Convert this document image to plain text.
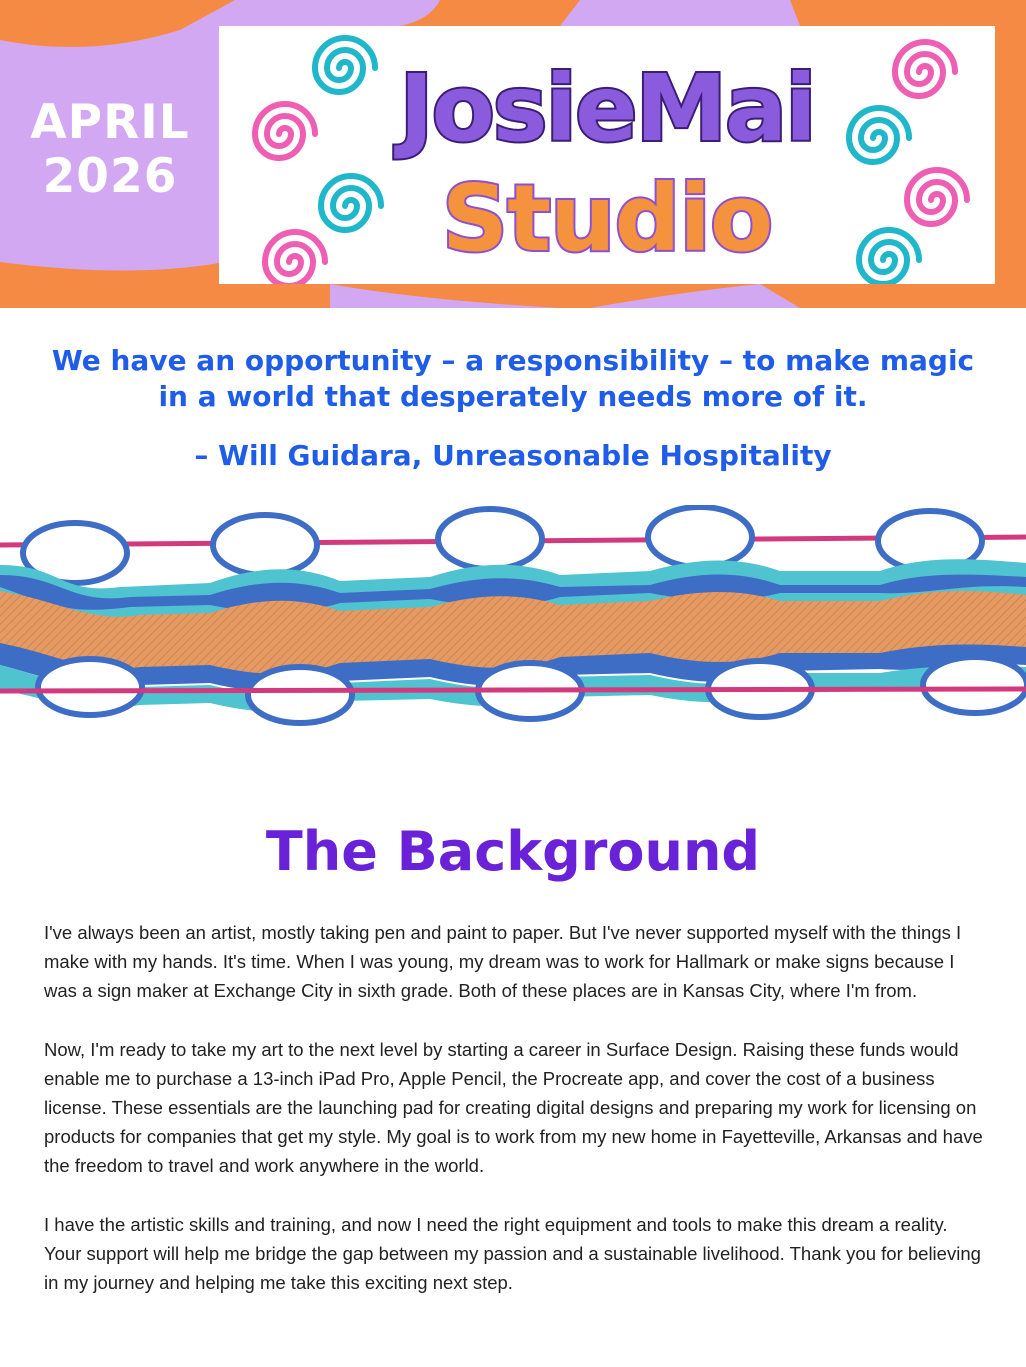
APRIL
2026
JosieMai
Studio
We have an opportunity – a responsibility – to make magic in a world that desperately needs more of it.
– Will Guidara, Unreasonable Hospitality
The Background

I've always been an artist, mostly taking pen and paint to paper. But I've never supported myself with the things I make with my hands. It's time. When I was young, my dream was to work for Hallmark or make signs because I was a sign maker at Exchange City in sixth grade. Both of these places are in Kansas City, where I'm from.

Now, I'm ready to take my art to the next level by starting a career in Surface Design. Raising these funds would enable me to purchase a 13-inch iPad Pro, Apple Pencil, the Procreate app, and cover the cost of a business license. These essentials are the launching pad for creating digital designs and preparing my work for licensing on products for companies that get my style. My goal is to work from my new home in Fayetteville, Arkansas and have the freedom to travel and work anywhere in the world.

I have the artistic skills and training, and now I need the right equipment and tools to make this dream a reality. Your support will help me bridge the gap between my passion and a sustainable livelihood. Thank you for believing in my journey and helping me take this exciting next step.
